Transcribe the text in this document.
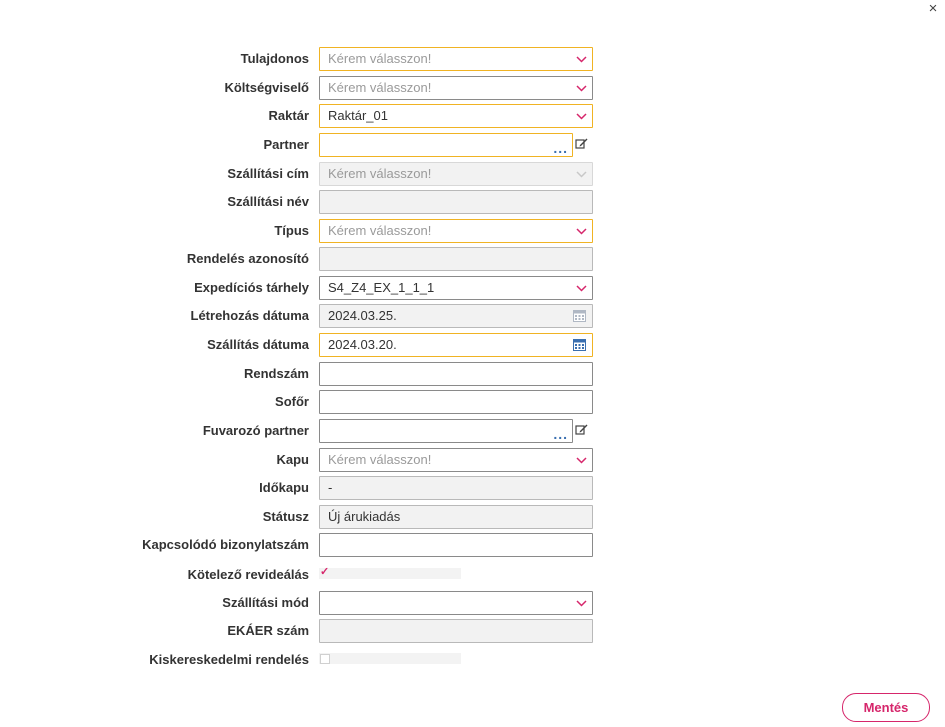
×
Tulajdonos Kérem válasszon!
Költségviselő Kérem válasszon!
Raktár Raktár_01
Partner	...
Szállítási cím Kérem válasszon!
Szállítási név
Típus Kérem válasszon!
Rendelés azonosító
Expedíciós tárhely S4_Z4_EX_1_1_1
Létrehozás dátuma 2024.03.25.
Szállítás dátuma 2024.03.20.
Rendszám
Sofőr
Fuvarozó partner	...
Kapu Kérem válasszon!
Időkapu -
Státusz Új árukiadás
Kapcsolódó bizonylatszám
Kötelező revideálás ✓
Szállítási mód
EKÁER szám
Kiskereskedelmi rendelés
Mentés
